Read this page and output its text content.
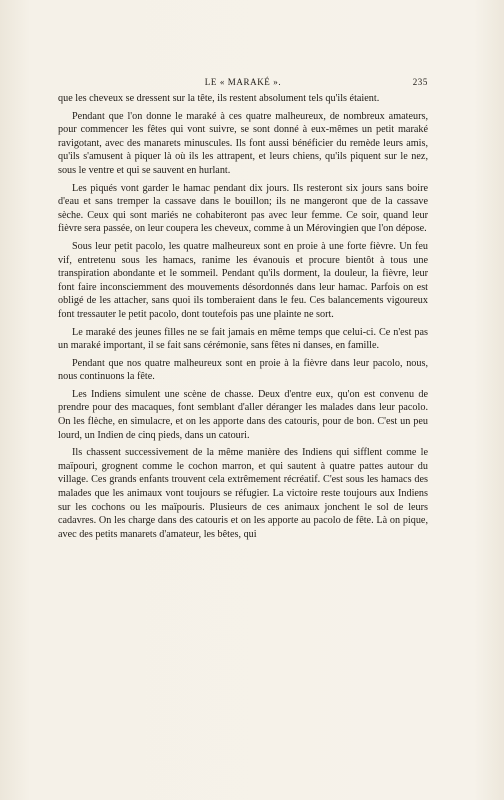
LE « MARAKÉ ».	235

que les cheveux se dressent sur la tête, ils restent absolument tels qu'ils étaient.

Pendant que l'on donne le maraké à ces quatre malheureux, de nombreux amateurs, pour commencer les fêtes qui vont suivre, se sont donné à eux-mêmes un petit maraké ravigotant, avec des manarets minuscules. Ils font aussi bénéficier du remède leurs amis, qu'ils s'amusent à piquer là où ils les attrapent, et leurs chiens, qu'ils piquent sur le nez, sous le ventre et qui se sauvent en hurlant.

Les piqués vont garder le hamac pendant dix jours. Ils resteront six jours sans boire d'eau et sans tremper la cassave dans le bouillon; ils ne mangeront que de la cassave sèche. Ceux qui sont mariés ne cohabiteront pas avec leur femme. Ce soir, quand leur fièvre sera passée, on leur coupera les cheveux, comme à un Mérovingien que l'on dépose.

Sous leur petit pacolo, les quatre malheureux sont en proie à une forte fièvre. Un feu vif, entretenu sous les hamacs, ranime les évanouis et procure bientôt à tous une transpiration abondante et le sommeil. Pendant qu'ils dorment, la douleur, la fièvre, leur font faire inconsciemment des mouvements désordonnés dans leur hamac. Parfois on est obligé de les attacher, sans quoi ils tomberaient dans le feu. Ces balancements vigoureux font tressauter le petit pacolo, dont toutefois pas une plainte ne sort.

Le maraké des jeunes filles ne se fait jamais en même temps que celui-ci. Ce n'est pas un maraké important, il se fait sans cérémonie, sans fêtes ni danses, en famille.

Pendant que nos quatre malheureux sont en proie à la fièvre dans leur pacolo, nous, nous continuons la fête.

Les Indiens simulent une scène de chasse. Deux d'entre eux, qu'on est convenu de prendre pour des macaques, font semblant d'aller déranger les malades dans leur pacolo. On les flèche, en simulacre, et on les apporte dans des catouris, pour de bon. C'est un peu lourd, un Indien de cinq pieds, dans un catouri.

Ils chassent successivement de la même manière des Indiens qui sifflent comme le maïpouri, grognent comme le cochon marron, et qui sautent à quatre pattes autour du village. Ces grands enfants trouvent cela extrêmement récréatif. C'est sous les hamacs des malades que les animaux vont toujours se réfugier. La victoire reste toujours aux Indiens sur les cochons ou les maïpouris. Plusieurs de ces animaux jonchent le sol de leurs cadavres. On les charge dans des catouris et on les apporte au pacolo de fête. Là on pique, avec des petits manarets d'amateur, les bêtes, qui
